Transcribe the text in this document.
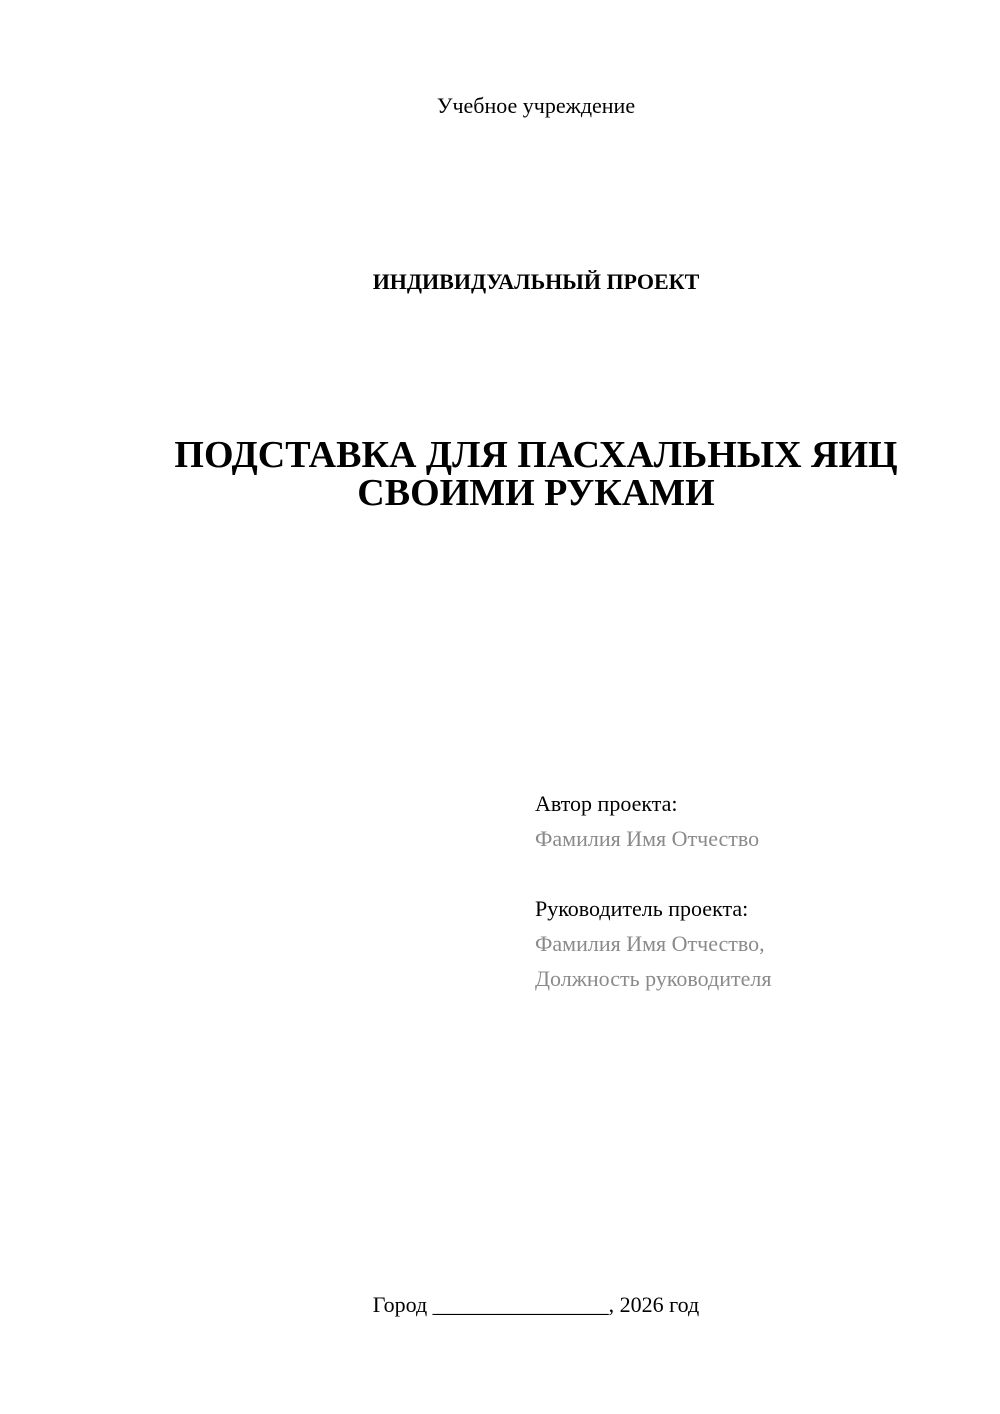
Учебное учреждение
ИНДИВИДУАЛЬНЫЙ ПРОЕКТ
ПОДСТАВКА ДЛЯ ПАСХАЛЬНЫХ ЯИЦ
СВОИМИ РУКАМИ
Автор проекта:
Фамилия Имя Отчество
Руководитель проекта:
Фамилия Имя Отчество,
Должность руководителя
Город ________________, 2026 год
